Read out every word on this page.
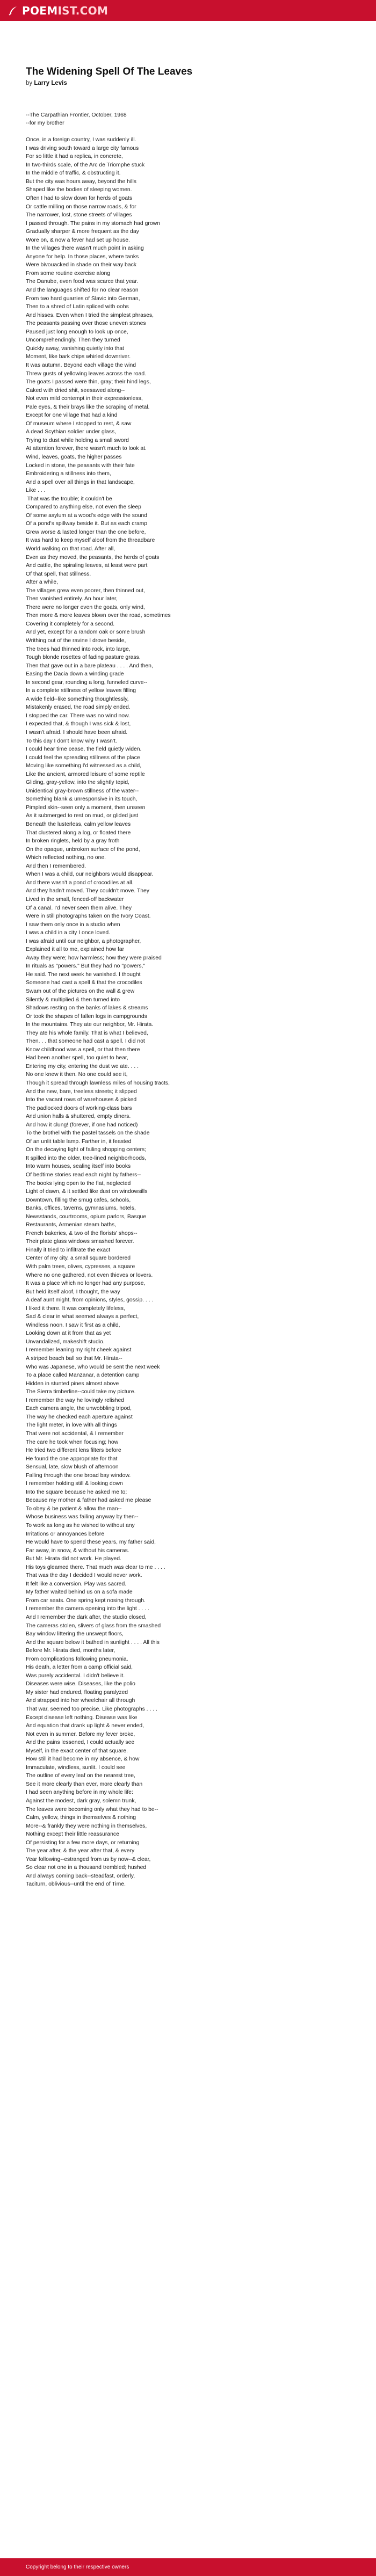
POEMIST.COM
The Widening Spell Of The Leaves
by Larry Levis
--The Carpathian Frontier, October, 1968
--for my brother
Once, in a foreign country, I was suddenly ill.
I was driving south toward a large city famous
For so little it had a replica, in concrete,
In two-thirds scale, of the Arc de Triomphe stuck
In the middle of traffic, & obstructing it.
But the city was hours away, beyond the hills
Shaped like the bodies of sleeping women.
Often I had to slow down for herds of goats
Or cattle milling on those narrow roads, & for
The narrower, lost, stone streets of villages
I passed through. The pains in my stomach had grown
Gradually sharper & more frequent as the day
Wore on, & now a fever had set up house.
In the villages there wasn't much point in asking
Anyone for help. In those places, where tanks
Were bivouacked in shade on their way back
From some routine exercise along
The Danube, even food was scarce that year.
And the languages shifted for no clear reason
From two hard guarries of Slavic into German,
Then to a shred of Latin spliced with oohs
And hisses. Even when I tried the simplest phrases,
The peasants passing over those uneven stones
Paused just long enough to look up once,
Uncomprehendingly. Then they turned
Quickly away, vanishing quietly into that
Moment, like bark chips whirled downriver.
It was autumn. Beyond each village the wind
Threw gusts of yellowing leaves across the road.
The goats I passed were thin, gray; their hind legs,
Caked with dried shit, seesawed along--
Not even mild contempt in their expressionless,
Pale eyes, & their brays like the scraping of metal.
Except for one village that had a kind
Of museum where I stopped to rest, & saw
A dead Scythian soldier under glass,
Trying to dust while holding a small sword
At attention forever, there wasn't much to look at.
Wind, leaves, goats, the higher passes
Locked in stone, the peasants with their fate
Embroidering a stillness into them,
And a spell over all things in that landscape,
Like . . .
That was the trouble; it couldn't be
Compared to anything else, not even the sleep
Of some asylum at a wood's edge with the sound
Of a pond's spillway beside it. But as each cramp
Grew worse & lasted longer than the one before,
It was hard to keep myself aloof from the threadbare
World walking on that road. After all,
Even as they moved, the peasants, the herds of goats
And cattle, the spiraling leaves, at least were part
Of that spell, that stillness.
After a while,
The villages grew even poorer, then thinned out,
Then vanished entirely. An hour later,
There were no longer even the goats, only wind,
Then more & more leaves blown over the road, sometimes
Covering it completely for a second.
And yet, except for a random oak or some brush
Writhing out of the ravine I drove beside,
The trees had thinned into rock, into large,
Tough blonde rosettes of fading pasture grass.
Then that gave out in a bare plateau . . . . And then,
Easing the Dacia down a winding grade
In second gear, rounding a long, funneled curve--
In a complete stillness of yellow leaves filling
A wide field--like something thoughtlessly,
Mistakenly erased, the road simply ended.
I stopped the car. There was no wind now.
I expected that, & though I was sick & lost,
I wasn't afraid. I should have been afraid.
To this day I don't know why I wasn't.
I could hear time cease, the field quietly widen.
I could feel the spreading stillness of the place
Moving like something I'd witnessed as a child,
Like the ancient, armored leisure of some reptile
Gliding, gray-yellow, into the slightly tepid,
Unidentical gray-brown stillness of the water--
Something blank & unresponsive in its touch,
Pimpled skin--seen only a moment, then unseen
As it submerged to rest on mud, or glided just
Beneath the lusterless, calm yellow leaves
That clustered along a log, or floated there
In broken ringlets, held by a gray froth
On the opaque, unbroken surface of the pond,
Which reflected nothing, no one.
And then I remembered.
When I was a child, our neighbors would disappear.
And there wasn't a pond of crocodiles at all.
And they hadn't moved. They couldn't move. They
Lived in the small, fenced-off backwater
Of a canal. I'd never seen them alive. They
Were in still photographs taken on the Ivory Coast.
I saw them only once in a studio when
I was a child in a city I once loved.
I was afraid until our neighbor, a photographer,
Explained it all to me, explained how far
Away they were; how harmless; how they were praised
In rituals as "powers." But they had no "powers,"
He said. The next week he vanished. I thought
Someone had cast a spell & that the crocodiles
Swam out of the pictures on the wall & grew
Silently & multiplied & then turned into
Shadows resting on the banks of lakes & streams
Or took the shapes of fallen logs in campgrounds
In the mountains. They ate our neighbor, Mr. Hirata.
They ate his whole family. That is what I believed,
Then. . . that someone had cast a spell. I did not
Know childhood was a spell, or that then there
Had been another spell, too quiet to hear,
Entering my city, entering the dust we ate. . . .
No one knew it then. No one could see it,
Though it spread through lawnless miles of housing tracts,
And the new, bare, treeless streets; it slipped
Into the vacant rows of warehouses & picked
The padlocked doors of working-class bars
And union halls & shuttered, empty diners.
And how it clung! (forever, if one had noticed)
To the brothel with the pastel tassels on the shade
Of an unlit table lamp. Farther in, it feasted
On the decaying light of failing shopping centers;
It spilled into the older, tree-lined neighborhoods,
Into warm houses, sealing itself into books
Of bedtime stories read each night by fathers--
The books lying open to the flat, neglected
Light of dawn, & it settled like dust on windowsills
Downtown, filling the smug cafes, schools,
Banks, offices, taverns, gymnasiums, hotels,
Newsstands, courtrooms, opium parlors, Basque
Restaurants, Armenian steam baths,
French bakeries, & two of the florists' shops--
Their plate glass windows smashed forever.
Finally it tried to infiltrate the exact
Center of my city, a small square bordered
With palm trees, olives, cypresses, a square
Where no one gathered, not even thieves or lovers.
It was a place which no longer had any purpose,
But held itself aloof, I thought, the way
A deaf aunt might, from opinions, styles, gossip. . . .
I liked it there. It was completely lifeless,
Sad & clear in what seemed always a perfect,
Windless noon. I saw it first as a child,
Looking down at it from that as yet
Unvandalized, makeshift studio.
I remember leaning my right cheek against
A striped beach ball so that Mr. Hirata--
Who was Japanese, who would be sent the next week
To a place called Manzanar, a detention camp
Hidden in stunted pines almost above
The Sierra timberline--could take my picture.
I remember the way he lovingly relished
Each camera angle, the unwobbling tripod,
The way he checked each aperture against
The light meter, in love with all things
That were not accidental, & I remember
The care he took when focusing; how
He tried two different lens filters before
He found the one appropriate for that
Sensual, late, slow blush of afternoon
Falling through the one broad bay window.
I remember holding still & looking down
Into the square because he asked me to;
Because my mother & father had asked me please
To obey & be patient & allow the man--
Whose business was failing anyway by then--
To work as long as he wished to without any
Irritations or annoyances before
He would have to spend these years, my father said,
Far away, in snow, & without his cameras.
But Mr. Hirata did not work. He played.
His toys gleamed there. That much was clear to me . . . .
That was the day I decided I would never work.
It felt like a conversion. Play was sacred.
My father waited behind us on a sofa made
From car seats. One spring kept nosing through.
I remember the camera opening into the light . . . .
And I remember the dark after, the studio closed,
The cameras stolen, slivers of glass from the smashed
Bay window littering the unswept floors,
And the square below it bathed in sunlight . . . . All this
Before Mr. Hirata died, months later,
From complications following pneumonia.
His death, a letter from a camp official said,
Was purely accidental. I didn't believe it.
Diseases were wise. Diseases, like the polio
My sister had endured, floating paralyzed
And strapped into her wheelchair all through
That war, seemed too precise. Like photographs . . . .
Except disease left nothing. Disease was like
And equation that drank up light & never ended,
Not even in summer. Before my fever broke,
And the pains lessened, I could actually see
Myself, in the exact center of that square.
How still it had become in my absence, & how
Immaculate, windless, sunlit. I could see
The outline of every leaf on the nearest tree,
See it more clearly than ever, more clearly than
I had seen anything before in my whole life:
Against the modest, dark gray, solemn trunk,
The leaves were becoming only what they had to be--
Calm, yellow, things in themselves & nothing
More--& frankly they were nothing in themselves,
Nothing except their little reassurance
Of persisting for a few more days, or returning
The year after, & the year after that, & every
Year following--estranged from us by now--& clear,
So clear not one in a thousand trembled; hushed
And always coming back--steadfast, orderly,
Taciturn, oblivious--until the end of Time.
Copyright belong to their respective owners
